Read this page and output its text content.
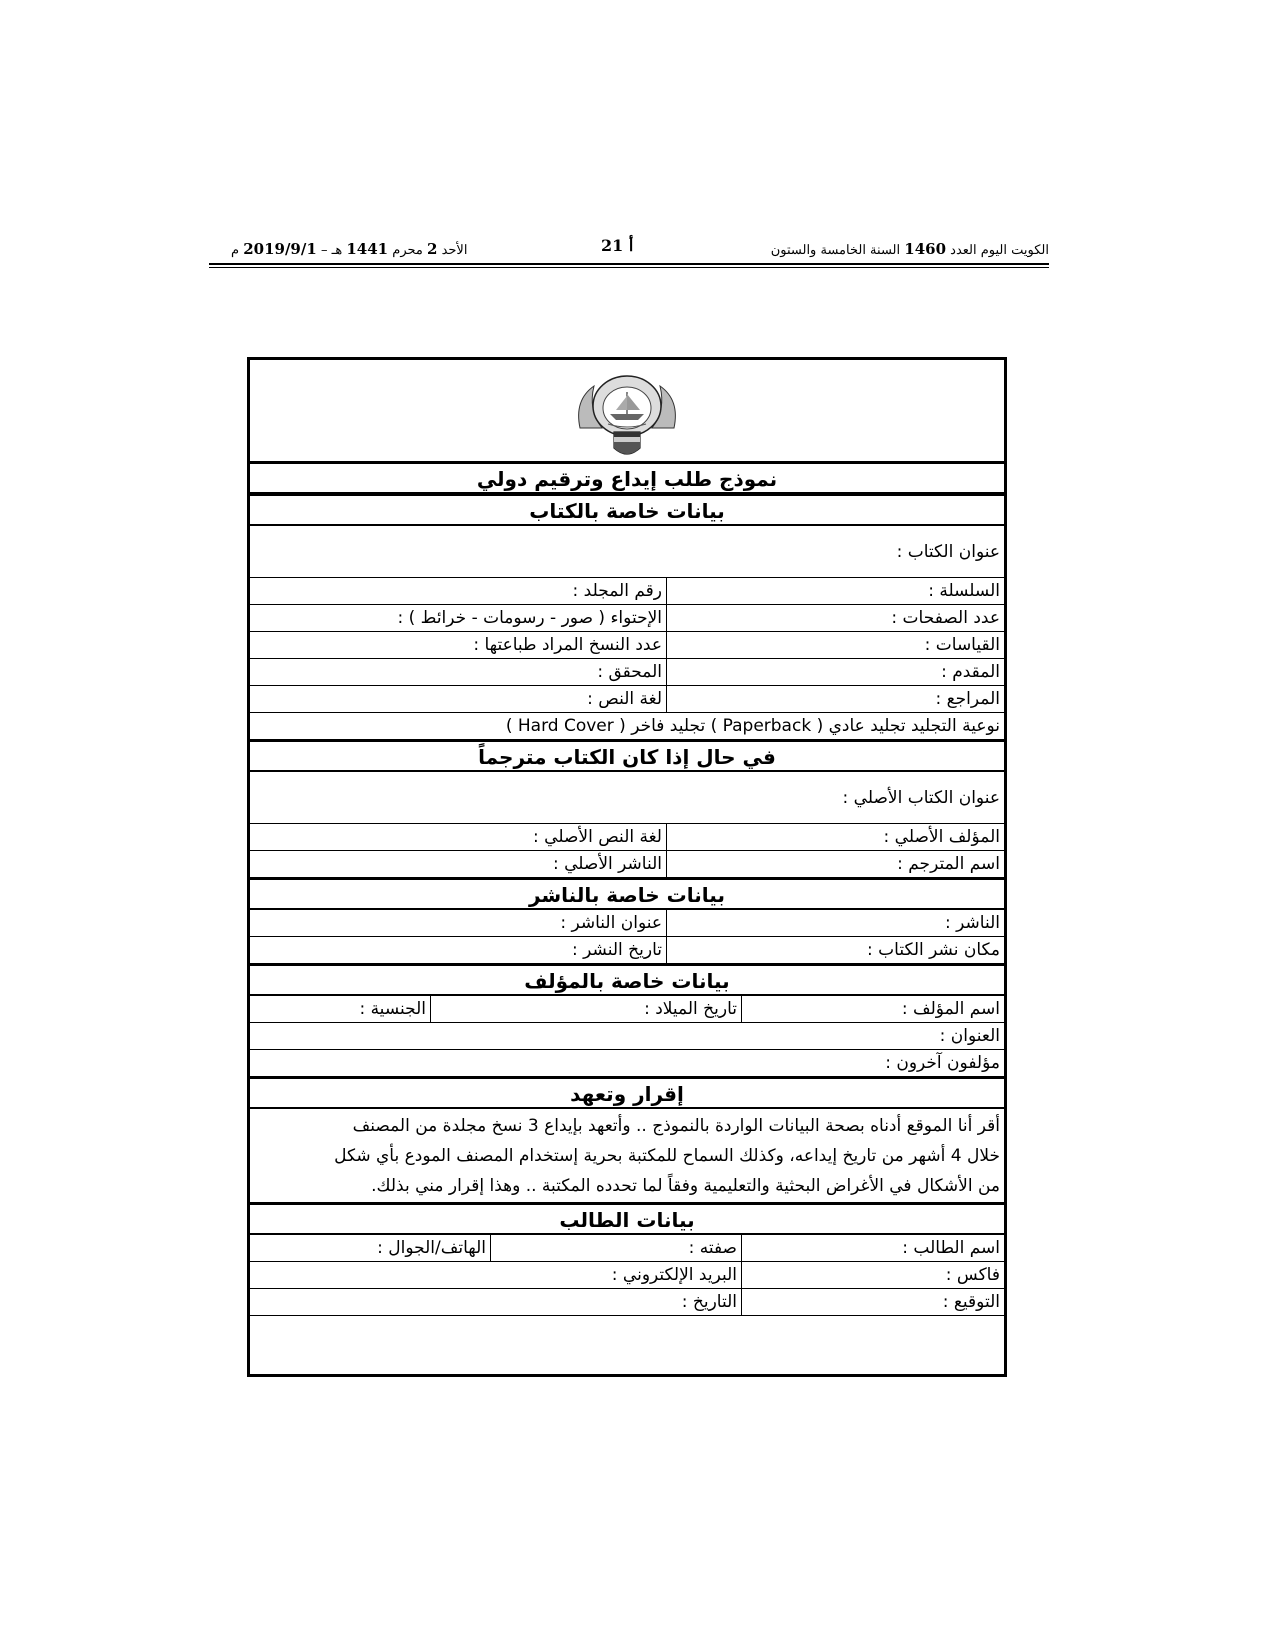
الكويت اليوم العدد 1460 السنة الخامسة والستون
أ 21
الأحد 2 محرم 1441 هـ – 2019/9/1 م
نموذج طلب إيداع وترقيم دولي
بيانات خاصة بالكتاب
عنوان الكتاب :
السلسلة :
رقم المجلد :
عدد الصفحات :
الإحتواء ( صور - رسومات - خرائط ) :
القياسات :
عدد النسخ المراد طباعتها :
المقدم :
المحقق :
المراجع :
لغة النص :
نوعية التجليد تجليد عادي ( Paperback ) تجليد فاخر ( Hard Cover )
في حال إذا كان الكتاب مترجماً
عنوان الكتاب الأصلي :
المؤلف الأصلي :
لغة النص الأصلي :
اسم المترجم :
الناشر الأصلي :
بيانات خاصة بالناشر
الناشر :
عنوان الناشر :
مكان نشر الكتاب :
تاريخ النشر :
بيانات خاصة بالمؤلف
اسم المؤلف :
تاريخ الميلاد :
الجنسية :
العنوان :
مؤلفون آخرون :
إقرار وتعهد
أقر أنا الموقع أدناه بصحة البيانات الواردة بالنموذج .. وأتعهد بإيداع 3 نسخ مجلدة من المصنف
خلال 4 أشهر من تاريخ إيداعه، وكذلك السماح للمكتبة بحرية إستخدام المصنف المودع بأي شكل
من الأشكال في الأغراض البحثية والتعليمية وفقاً لما تحدده المكتبة .. وهذا إقرار مني بذلك.
بيانات الطالب
اسم الطالب :
صفته :
الهاتف/الجوال :
فاكس :
البريد الإلكتروني :
التوقيع :
التاريخ :
